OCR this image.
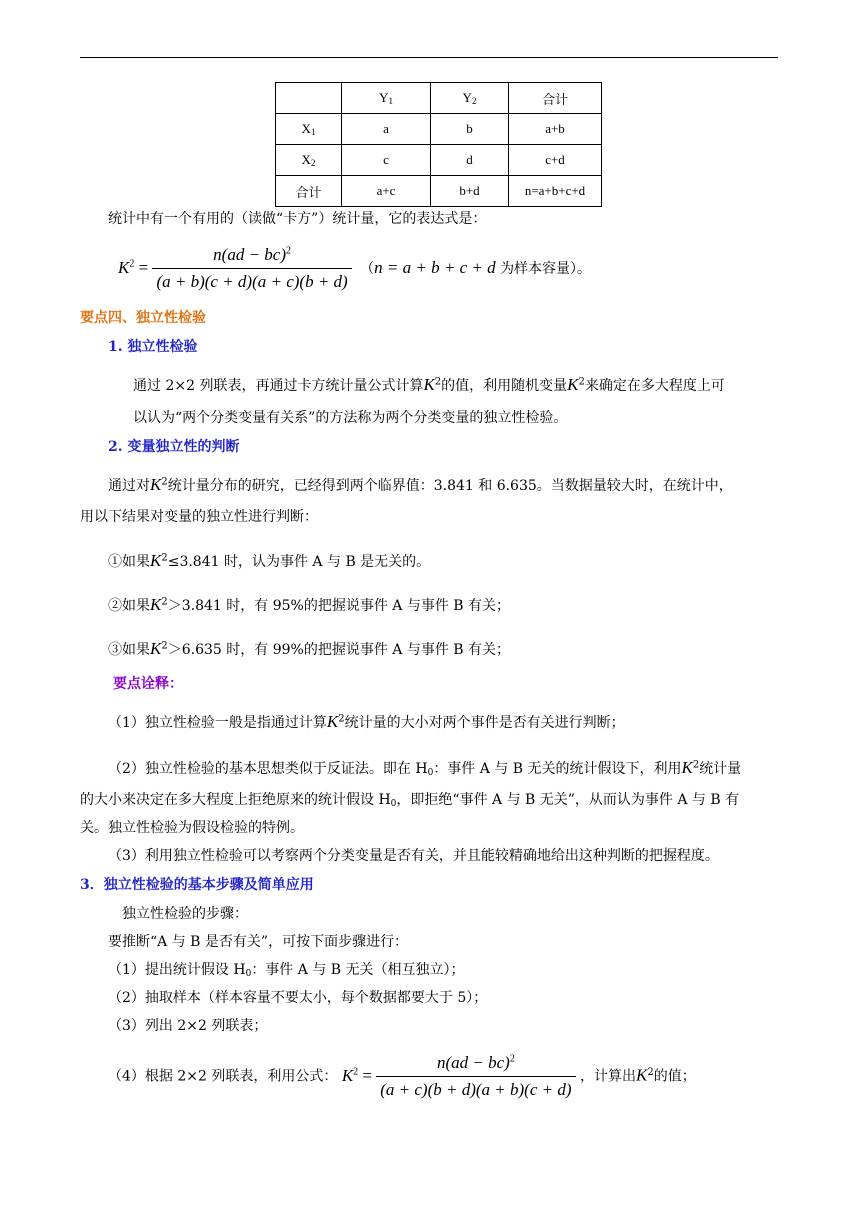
	$Y_1$	$Y_2$	合计
$X_1$	a	b	a+b
$X_2$	c	d	c+d
合计	a+c	b+d	n=a+b+c+d
统计中有一个有用的（读做“卡方”）统计量，它的表达式是：
$K^2 = \frac{n(ad - bc)^2}{(a + b)(c + d)(a + c)(b + d)} (n = a + b + c + d$ 为样本容量）。
要点四、独立性检验
1. 独立性检验
通过 2×2 列联表，再通过卡方统计量公式计算$K^2$的值，利用随机变量$K^2$来确定在多大程度上可
以认为“两个分类变量有关系”的方法称为两个分类变量的独立性检验。
2. 变量独立性的判断
通过对$K^2$统计量分布的研究，已经得到两个临界值：3.841 和 6.635。当数据量较大时，在统计中，
用以下结果对变量的独立性进行判断：
①如果$K^2\le 3.841$ 时，认为事件 A 与 B 是无关的。
②如果$K^2>3.841$ 时，有 95%的把握说事件 A 与事件 B 有关；
③如果$K^2>6.635$ 时，有 99%的把握说事件 A 与事件 B 有关；
要点诠释：
（1）独立性检验一般是指通过计算$K^2$统计量的大小对两个事件是否有关进行判断；
（2）独立性检验的基本思想类似于反证法。即在 $H_0$：事件 A 与 B 无关的统计假设下，利用$K^2$统计量
的大小来决定在多大程度上拒绝原来的统计假设 $H_0$，即拒绝“事件 A 与 B 无关”，从而认为事件 A 与 B 有
关。独立性检验为假设检验的特例。
（3）利用独立性检验可以考察两个分类变量是否有关，并且能较精确地给出这种判断的把握程度。
3．独立性检验的基本步骤及简单应用
独立性检验的步骤：
要推断“A 与 B 是否有关”，可按下面步骤进行：
（1）提出统计假设 $H_0$：事件 A 与 B 无关（相互独立）；
（2）抽取样本（样本容量不要太小，每个数据都要大于 5）；
（3）列出 2×2 列联表；
（4）根据 2×2 列联表，利用公式： $K^2 = \frac{n(ad - bc)^2}{(a + c)(b + d)(a + b)(c + d)}$ ，计算出$K^2$的值；
